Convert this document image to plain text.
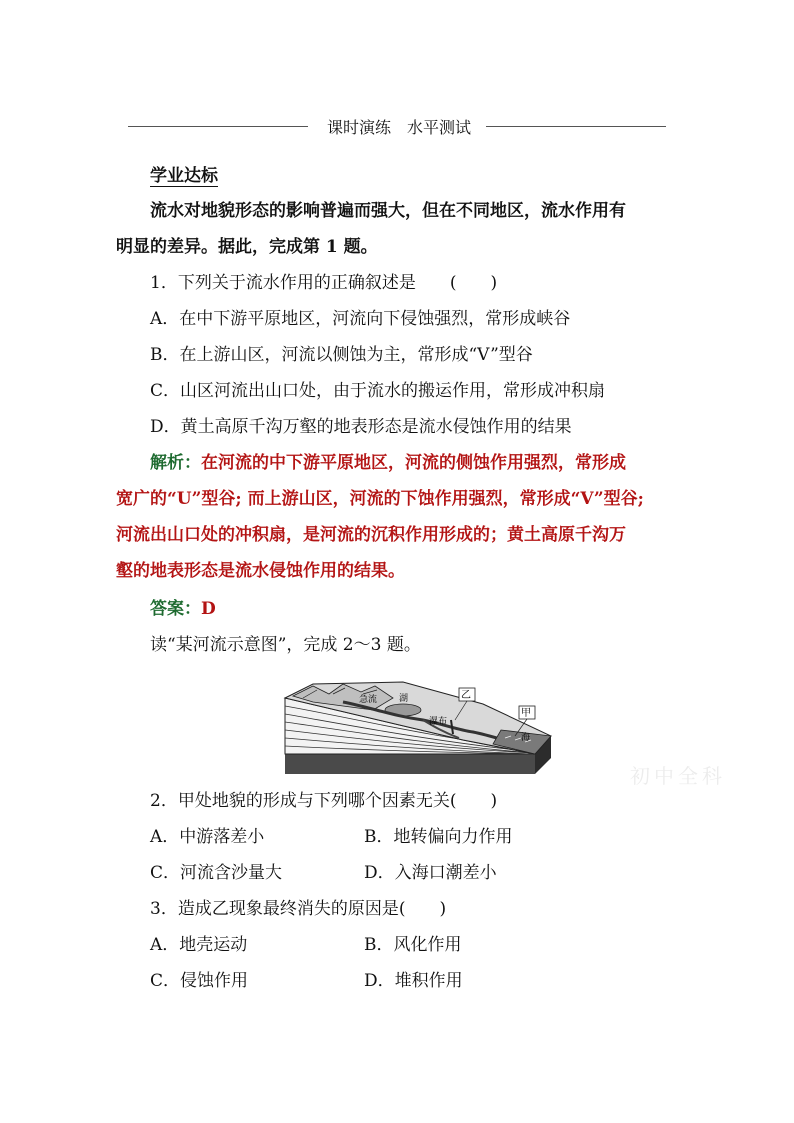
课时演练　水平测试
学业达标
流水对地貌形态的影响普遍而强大，但在不同地区，流水作用有
明显的差异。据此，完成第 1 题。
1．下列关于流水作用的正确叙述是　　(　　)
A．在中下游平原地区，河流向下侵蚀强烈，常形成峡谷
B．在上游山区，河流以侧蚀为主，常形成“V”型谷
C．山区河流出山口处，由于流水的搬运作用，常形成冲积扇
D．黄土高原千沟万壑的地表形态是流水侵蚀作用的结果
解析：在河流的中下游平原地区，河流的侧蚀作用强烈，常形成
宽广的“U”型谷; 而上游山区，河流的下蚀作用强烈，常形成“V”型谷;
河流出山口处的冲积扇，是河流的沉积作用形成的；黄土高原千沟万
壑的地表形态是流水侵蚀作用的结果。
答案：D
读“某河流示意图”，完成 2～3 题。
急流 湖	乙
瀑布
甲
海
初中全科
2．甲处地貌的形成与下列哪个因素无关(　　)
A．中游落差小	B．地转偏向力作用
C．河流含沙量大	D．入海口潮差小
3．造成乙现象最终消失的原因是(　　)
A．地壳运动	B．风化作用
C．侵蚀作用	D．堆积作用
